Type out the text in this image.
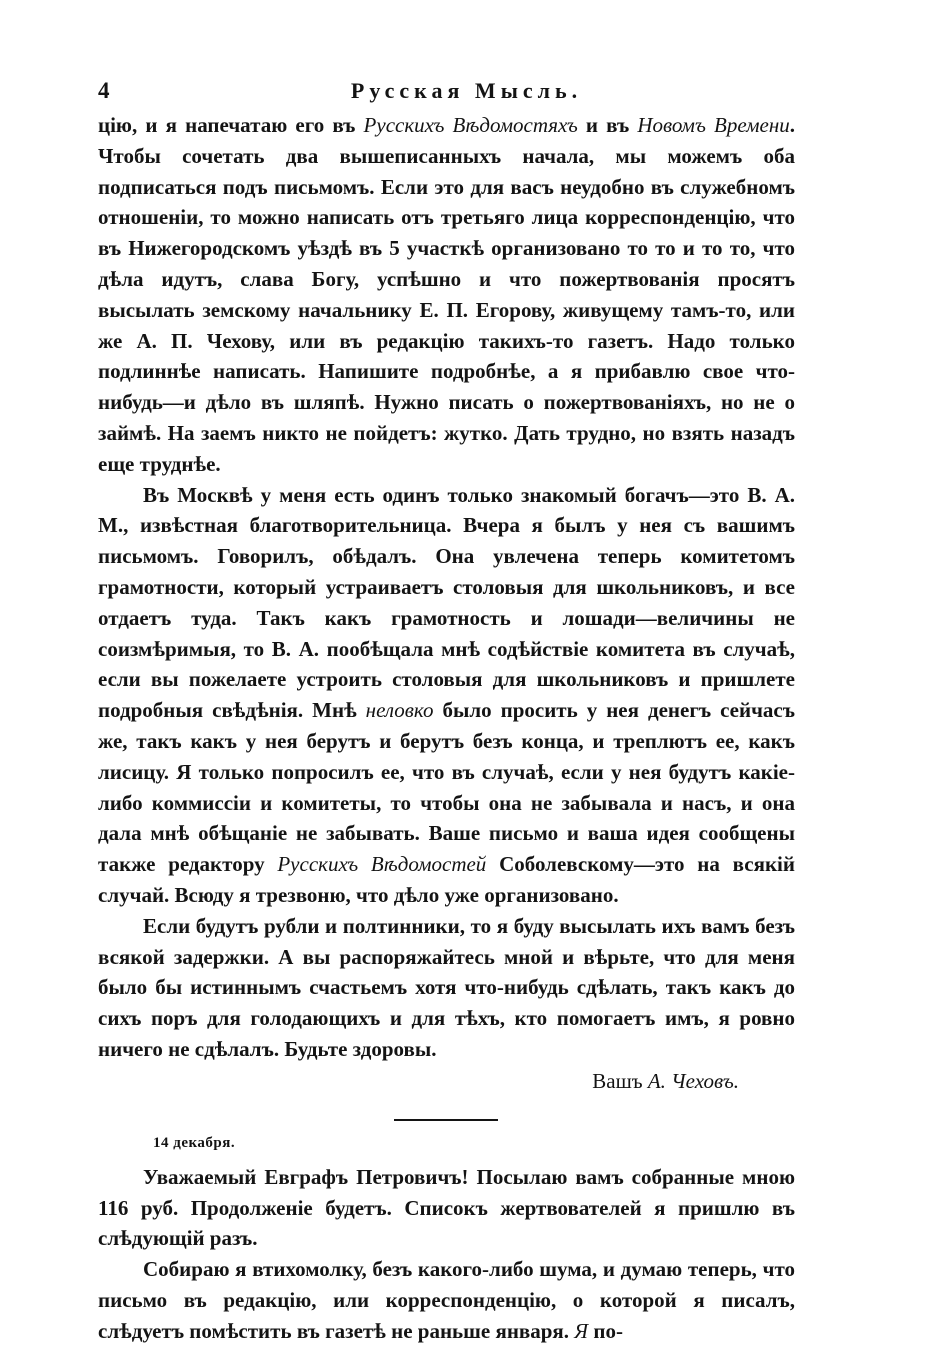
4	Русская Мысль.

цію, и я напечатаю его въ Русскихъ Вѣдомостяхъ и въ Новомъ Времени. Чтобы сочетать два вышеписанныхъ начала, мы можемъ оба подписаться подъ письмомъ. Если это для васъ неудобно въ служебномъ отношеніи, то можно написать отъ третьяго лица корреспонденцію, что въ Нижегородскомъ уѣздѣ въ 5 участкѣ организовано то то и то то, что дѣла идутъ, слава Богу, успѣшно и что пожертвованія просятъ высылать земскому начальнику Е. П. Егорову, живущему тамъ-то, или же А. П. Чехову, или въ редакцію такихъ-то газетъ. Надо только подлиннѣе написать. Напишите подробнѣе, а я прибавлю свое что-нибудь—и дѣло въ шляпѣ. Нужно писать о пожертвованіяхъ, но не о займѣ. На заемъ никто не пойдетъ: жутко. Дать трудно, но взять назадъ еще труднѣе.

Въ Москвѣ у меня есть одинъ только знакомый богачъ—это В. А. М., извѣстная благотворительница. Вчера я былъ у нея съ вашимъ письмомъ. Говорилъ, обѣдалъ. Она увлечена теперь комитетомъ грамотности, который устраиваетъ столовыя для школьниковъ, и все отдаетъ туда. Такъ какъ грамотность и лошади—величины не соизмѣримыя, то В. А. пообѣщала мнѣ содѣйствіе комитета въ случаѣ, если вы пожелаете устроить столовыя для школьниковъ и пришлете подробныя свѣдѣнія. Мнѣ неловко было просить у нея денегъ сейчасъ же, такъ какъ у нея берутъ и берутъ безъ конца, и треплютъ ее, какъ лисицу. Я только попросилъ ее, что въ случаѣ, если у нея будутъ какіе-либо коммиссіи и комитеты, то чтобы она не забывала и насъ, и она дала мнѣ обѣщаніе не забывать. Ваше письмо и ваша идея сообщены также редактору Русскихъ Вѣдомостей Соболевскому—это на всякій случай. Всюду я трезвоню, что дѣло уже организовано.

Если будутъ рубли и полтинники, то я буду высылать ихъ вамъ безъ всякой задержки. А вы распоряжайтесь мной и вѣрьте, что для меня было бы истиннымъ счастьемъ хотя что-нибудь сдѣлать, такъ какъ до сихъ поръ для голодающихъ и для тѣхъ, кто помогаетъ имъ, я ровно ничего не сдѣлалъ. Будьте здоровы.

Вашъ А. Чеховъ.
14 декабря.

Уважаемый Евграфъ Петровичъ! Посылаю вамъ собранные мною 116 руб. Продолженіе будетъ. Списокъ жертвователей я пришлю въ слѣдующій разъ.

Собираю я втихомолку, безъ какого-либо шума, и думаю теперь, что письмо въ редакцію, или корреспонденцію, о которой я писалъ, слѣдуетъ помѣстить въ газетѣ не раньше января. Я по-
